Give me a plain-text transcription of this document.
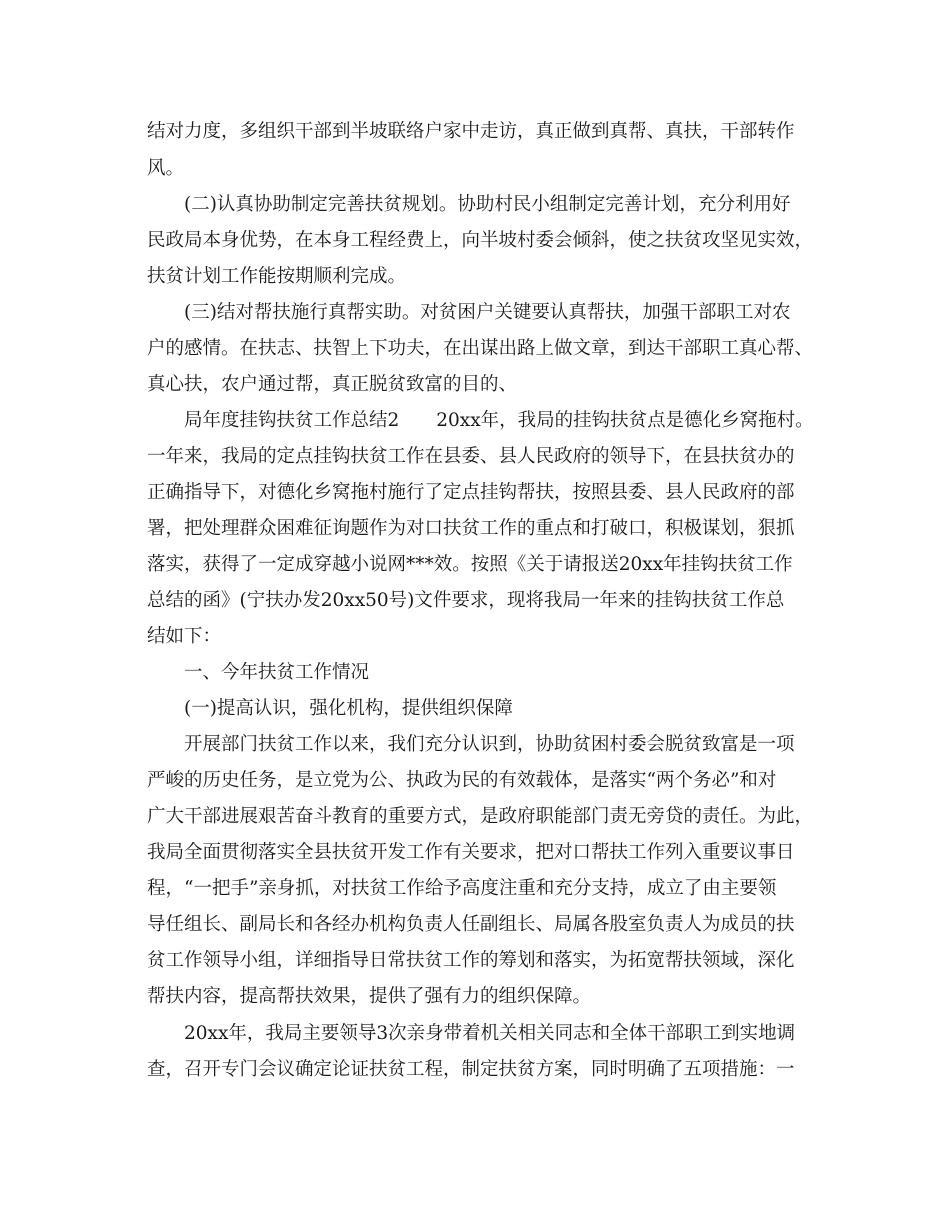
结对力度，多组织干部到半坡联络户家中走访，真正做到真帮、真扶，干部转作
风。
(二)认真协助制定完善扶贫规划。协助村民小组制定完善计划，充分利用好
民政局本身优势，在本身工程经费上，向半坡村委会倾斜，使之扶贫攻坚见实效，
扶贫计划工作能按期顺利完成。
(三)结对帮扶施行真帮实助。对贫困户关键要认真帮扶，加强干部职工对农
户的感情。在扶志、扶智上下功夫，在出谋出路上做文章，到达干部职工真心帮、
真心扶，农户通过帮，真正脱贫致富的目的、
局年度挂钩扶贫工作总结2　　20xx年，我局的挂钩扶贫点是德化乡窝拖村。
一年来，我局的定点挂钩扶贫工作在县委、县人民政府的领导下，在县扶贫办的
正确指导下，对德化乡窝拖村施行了定点挂钩帮扶，按照县委、县人民政府的部
署，把处理群众困难征询题作为对口扶贫工作的重点和打破口，积极谋划，狠抓
落实，获得了一定成穿越小说网***效。按照《关于请报送20xx年挂钩扶贫工作
总结的函》(宁扶办发20xx50号)文件要求，现将我局一年来的挂钩扶贫工作总
结如下：
一、今年扶贫工作情况
(一)提高认识，强化机构，提供组织保障
开展部门扶贫工作以来，我们充分认识到，协助贫困村委会脱贫致富是一项
严峻的历史任务，是立党为公、执政为民的有效载体，是落实“两个务必”和对
广大干部进展艰苦奋斗教育的重要方式，是政府职能部门责无旁贷的责任。为此，
我局全面贯彻落实全县扶贫开发工作有关要求，把对口帮扶工作列入重要议事日
程，“一把手”亲身抓，对扶贫工作给予高度注重和充分支持，成立了由主要领
导任组长、副局长和各经办机构负责人任副组长、局属各股室负责人为成员的扶
贫工作领导小组，详细指导日常扶贫工作的筹划和落实，为拓宽帮扶领域，深化
帮扶内容，提高帮扶效果，提供了强有力的组织保障。
20xx年，我局主要领导3次亲身带着机关相关同志和全体干部职工到实地调
查，召开专门会议确定论证扶贫工程，制定扶贫方案，同时明确了五项措施：一
